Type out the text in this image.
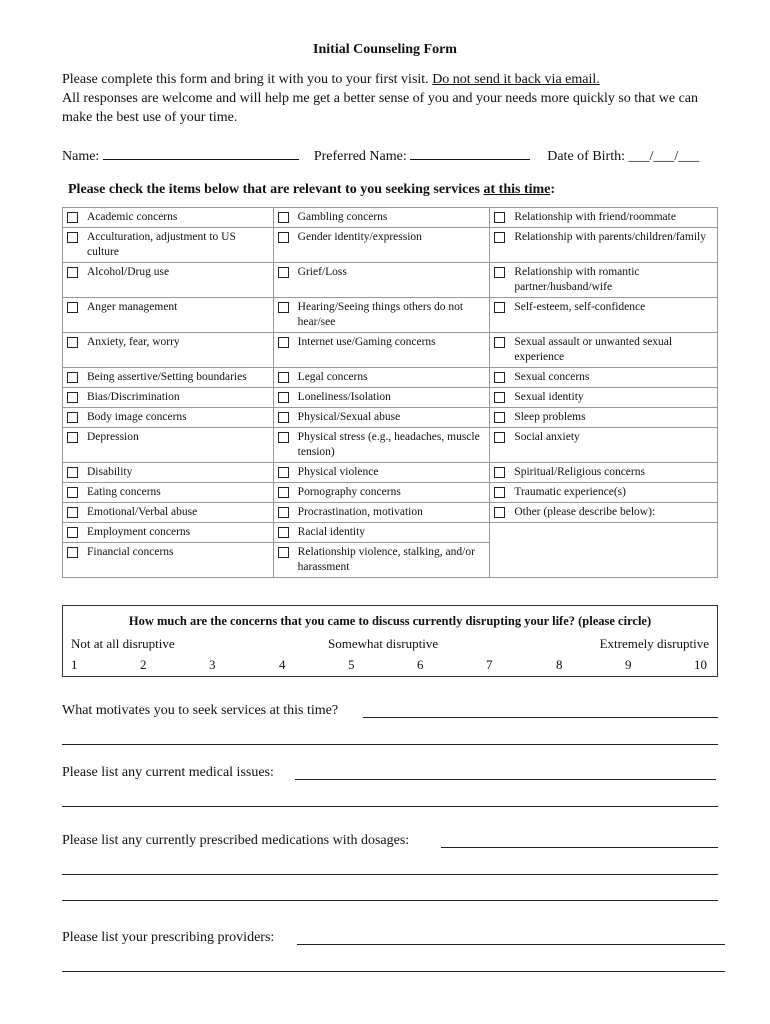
Initial Counseling Form
Please complete this form and bring it with you to your first visit. Do not send it back via email.
All responses are welcome and will help me get a better sense of you and your needs more quickly so that we can make the best use of your time.
Name:	Preferred Name:	Date of Birth: ___/___/___
Please check the items below that are relevant to you seeking services at this time:
Academic concerns	Gambling concerns	Relationship with friend/roommate

Acculturation, adjustment to US culture	Gender identity/expression	Relationship with parents/children/family

Alcohol/Drug use	Grief/Loss	Relationship with romantic partner/husband/wife

Anger management	Hearing/Seeing things others do not hear/see	Self-esteem, self-confidence

Anxiety, fear, worry	Internet use/Gaming concerns	Sexual assault or unwanted sexual experience

Being assertive/Setting boundaries	Legal concerns	Sexual concerns

Bias/Discrimination	Loneliness/Isolation	Sexual identity

Body image concerns	Physical/Sexual abuse	Sleep problems

Depression	Physical stress (e.g., headaches, muscle tension)	Social anxiety

Disability	Physical violence	Spiritual/Religious concerns

Eating concerns	Pornography concerns	Traumatic experience(s)

Emotional/Verbal abuse	Procrastination, motivation	Other (please describe below):

Employment concerns	Racial identity	

Financial concerns	Relationship violence, stalking, and/or harassment	

How much are the concerns that you came to discuss currently disrupting your life? (please circle)
Not at all disruptive	Somewhat disruptive	Extremely disruptive
1	2	3	4	5	6	7	8	9	10
What motivates you to seek services at this time?
Please list any current medical issues:
Please list any currently prescribed medications with dosages:
Please list your prescribing providers:
